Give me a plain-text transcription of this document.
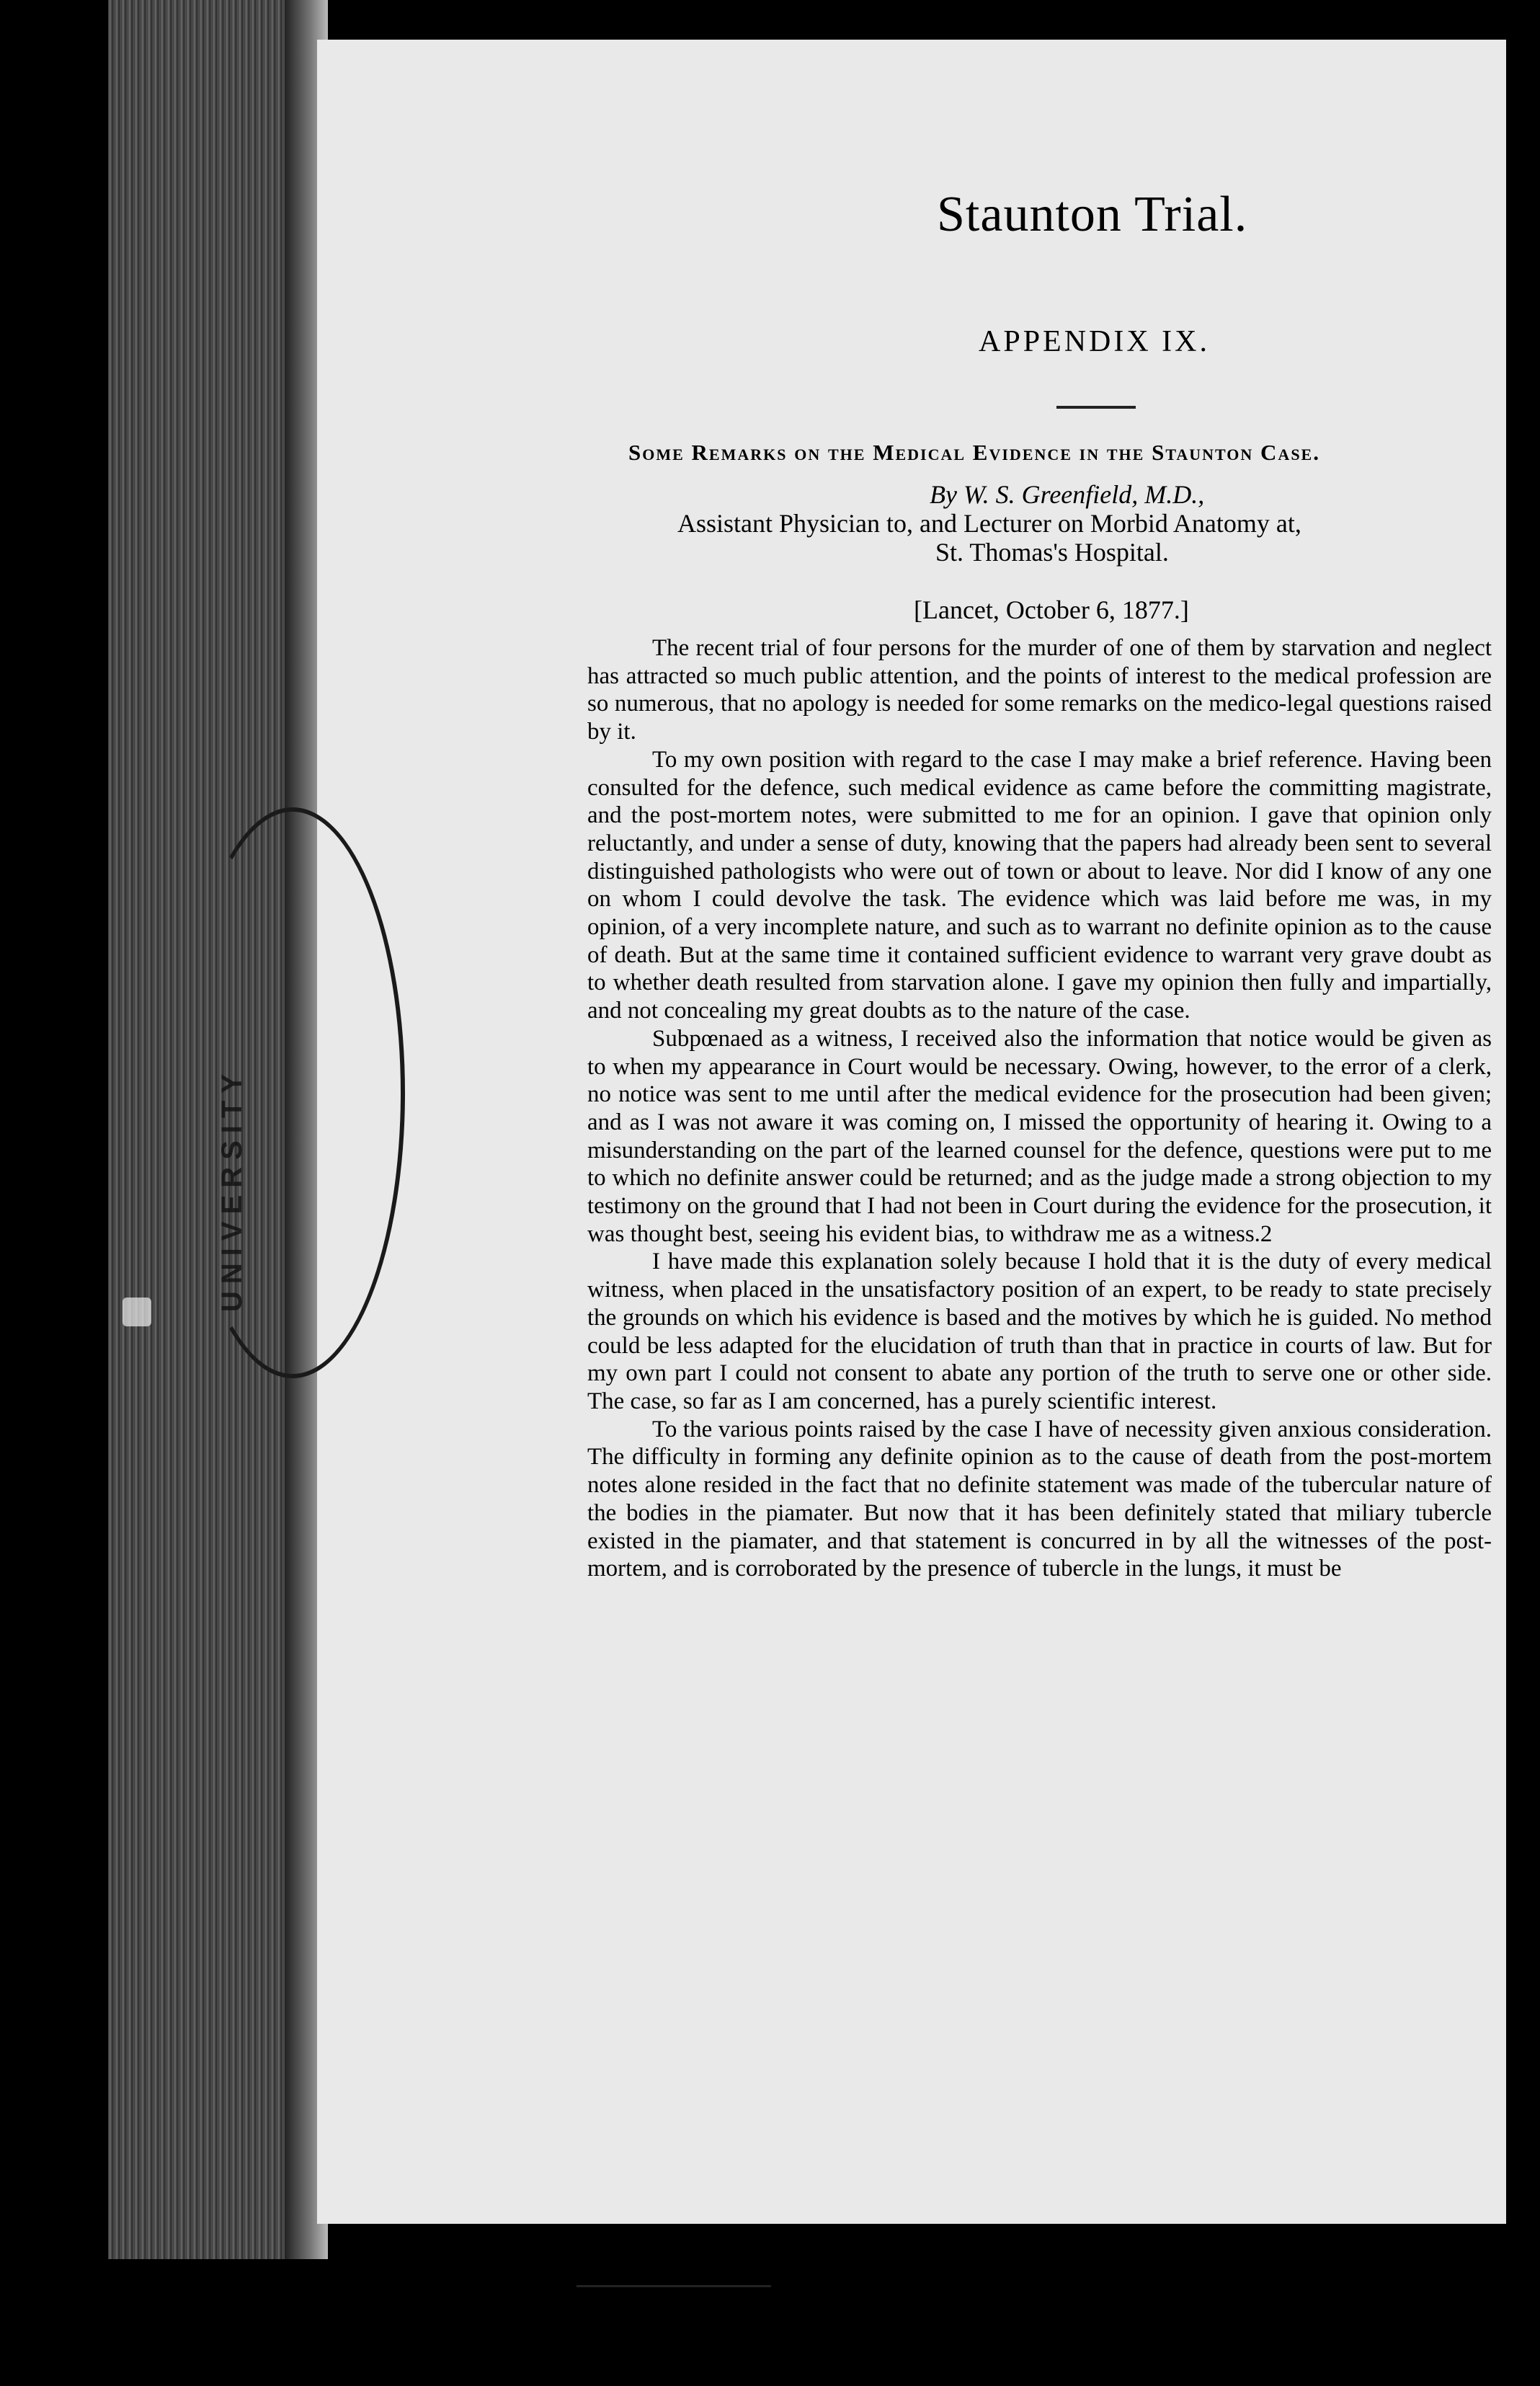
UNIVERSITY
Staunton Trial.
APPENDIX IX.
Some Remarks on the Medical Evidence in the Staunton Case.
By W. S. Greenfield, M.D.,
Assistant Physician to, and Lecturer on Morbid Anatomy at,
St. Thomas's Hospital.
[Lancet, October 6, 1877.]

The recent trial of four persons for the murder of one of them by starvation and neglect has attracted so much public attention, and the points of interest to the medical profession are so numerous, that no apology is needed for some remarks on the medico-legal questions raised by it.

To my own position with regard to the case I may make a brief reference. Having been consulted for the defence, such medical evidence as came before the committing magistrate, and the post-mortem notes, were submitted to me for an opinion. I gave that opinion only reluctantly, and under a sense of duty, knowing that the papers had already been sent to several distinguished pathologists who were out of town or about to leave. Nor did I know of any one on whom I could devolve the task. The evidence which was laid before me was, in my opinion, of a very incomplete nature, and such as to warrant no definite opinion as to the cause of death. But at the same time it contained sufficient evidence to warrant very grave doubt as to whether death resulted from starvation alone. I gave my opinion then fully and impartially, and not concealing my great doubts as to the nature of the case.

Subpœnaed as a witness, I received also the information that notice would be given as to when my appearance in Court would be necessary. Owing, however, to the error of a clerk, no notice was sent to me until after the medical evidence for the prosecution had been given; and as I was not aware it was coming on, I missed the opportunity of hearing it. Owing to a misunderstanding on the part of the learned counsel for the defence, questions were put to me to which no definite answer could be returned; and as the judge made a strong objection to my testimony on the ground that I had not been in Court during the evidence for the prosecution, it was thought best, seeing his evident bias, to withdraw me as a witness.2

I have made this explanation solely because I hold that it is the duty of every medical witness, when placed in the unsatisfactory position of an expert, to be ready to state precisely the grounds on which his evidence is based and the motives by which he is guided. No method could be less adapted for the elucidation of truth than that in practice in courts of law. But for my own part I could not consent to abate any portion of the truth to serve one or other side. The case, so far as I am concerned, has a purely scientific interest.

To the various points raised by the case I have of necessity given anxious consideration. The difficulty in forming any definite opinion as to the cause of death from the post-mortem notes alone resided in the fact that no definite statement was made of the tubercular nature of the bodies in the piamater. But now that it has been definitely stated that miliary tubercle existed in the piamater, and that statement is concurred in by all the witnesses of the post-mortem, and is corroborated by the presence of tubercle in the lungs, it must be

2 See p. 188 supra.
316
